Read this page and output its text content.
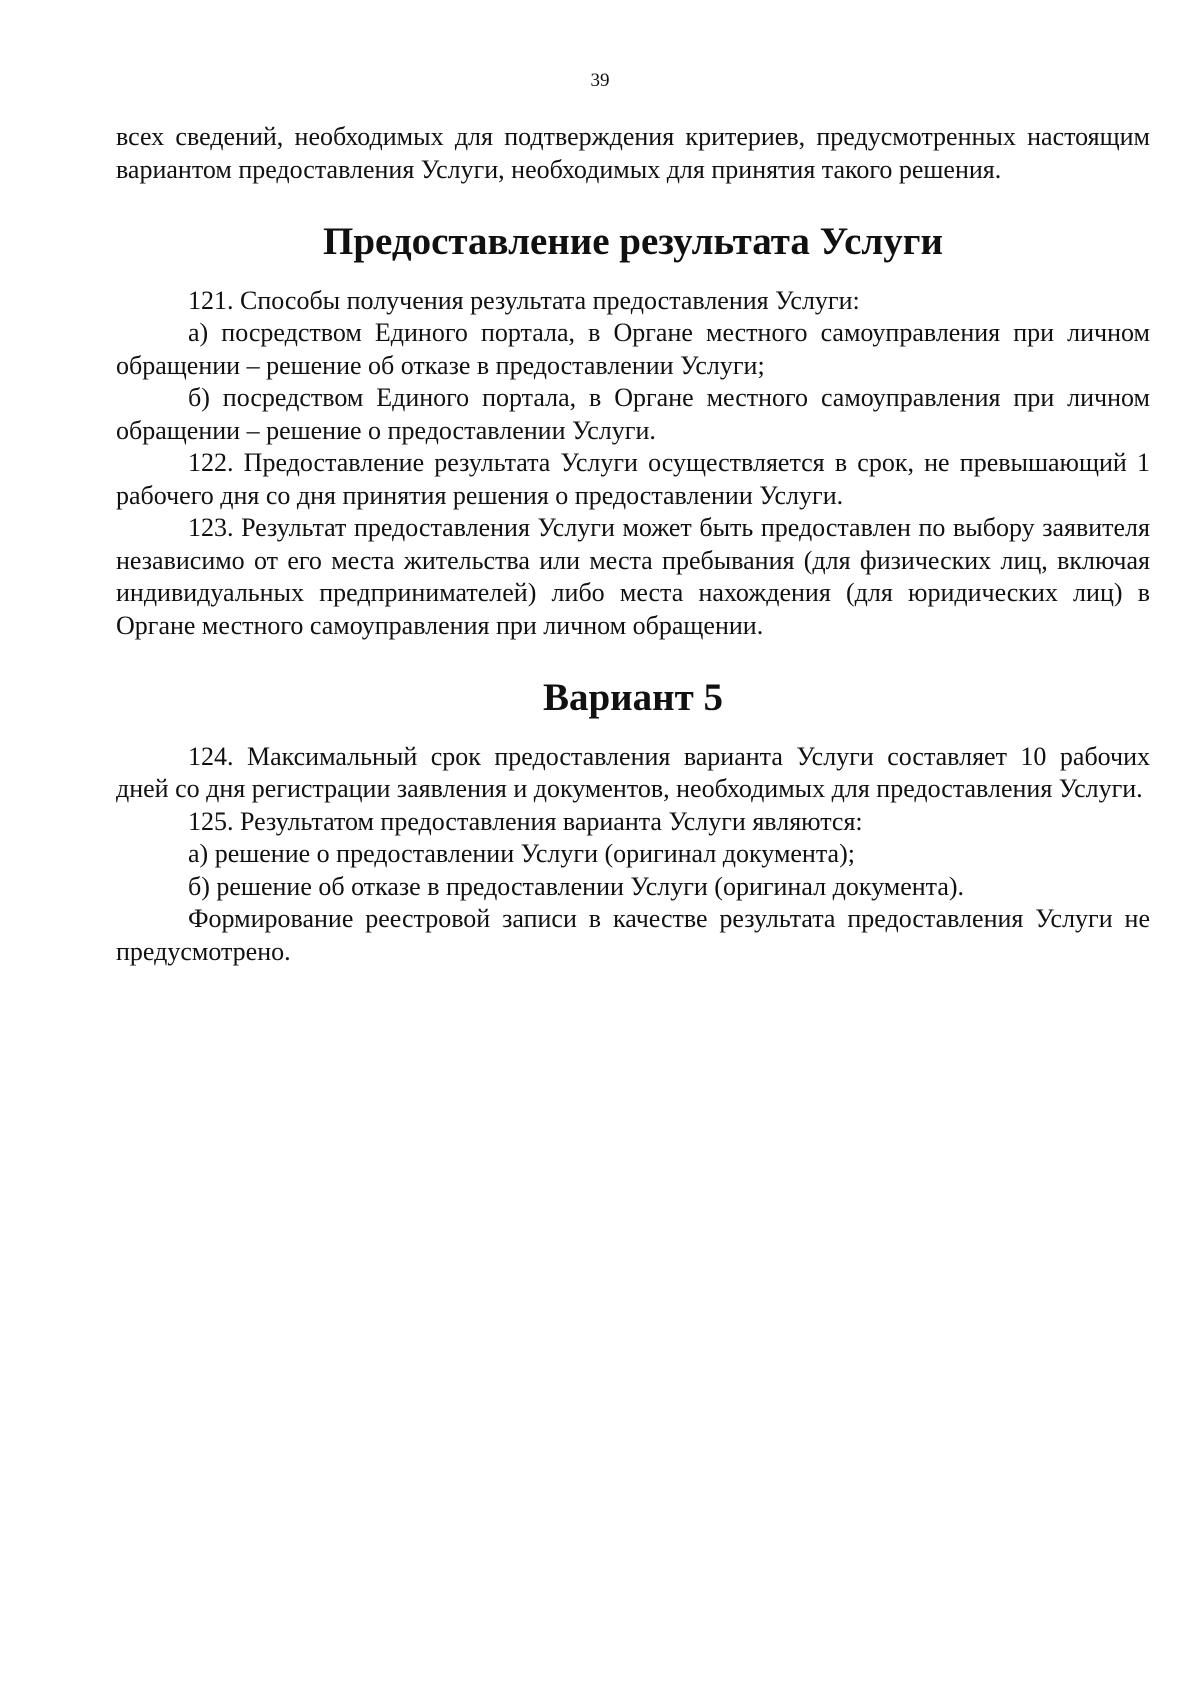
39

всех сведений, необходимых для подтверждения критериев, предусмотренных настоящим вариантом предоставления Услуги, необходимых для принятия такого решения.

Предоставление результата Услуги

121. Способы получения результата предоставления Услуги:

а) посредством Единого портала, в Органе местного самоуправления при личном обращении – решение об отказе в предоставлении Услуги;

б) посредством Единого портала, в Органе местного самоуправления при личном обращении – решение о предоставлении Услуги.

122. Предоставление результата Услуги осуществляется в срок, не превышающий 1 рабочего дня со дня принятия решения о предоставлении Услуги.

123. Результат предоставления Услуги может быть предоставлен по выбору заявителя независимо от его места жительства или места пребывания (для физических лиц, включая индивидуальных предпринимателей) либо места нахождения (для юридических лиц) в Органе местного самоуправления при личном обращении.

Вариант 5

124. Максимальный срок предоставления варианта Услуги составляет 10 рабочих дней со дня регистрации заявления и документов, необходимых для предоставления Услуги.

125. Результатом предоставления варианта Услуги являются:

а) решение о предоставлении Услуги (оригинал документа);

б) решение об отказе в предоставлении Услуги (оригинал документа).

Формирование реестровой записи в качестве результата предоставления Услуги не предусмотрено.
